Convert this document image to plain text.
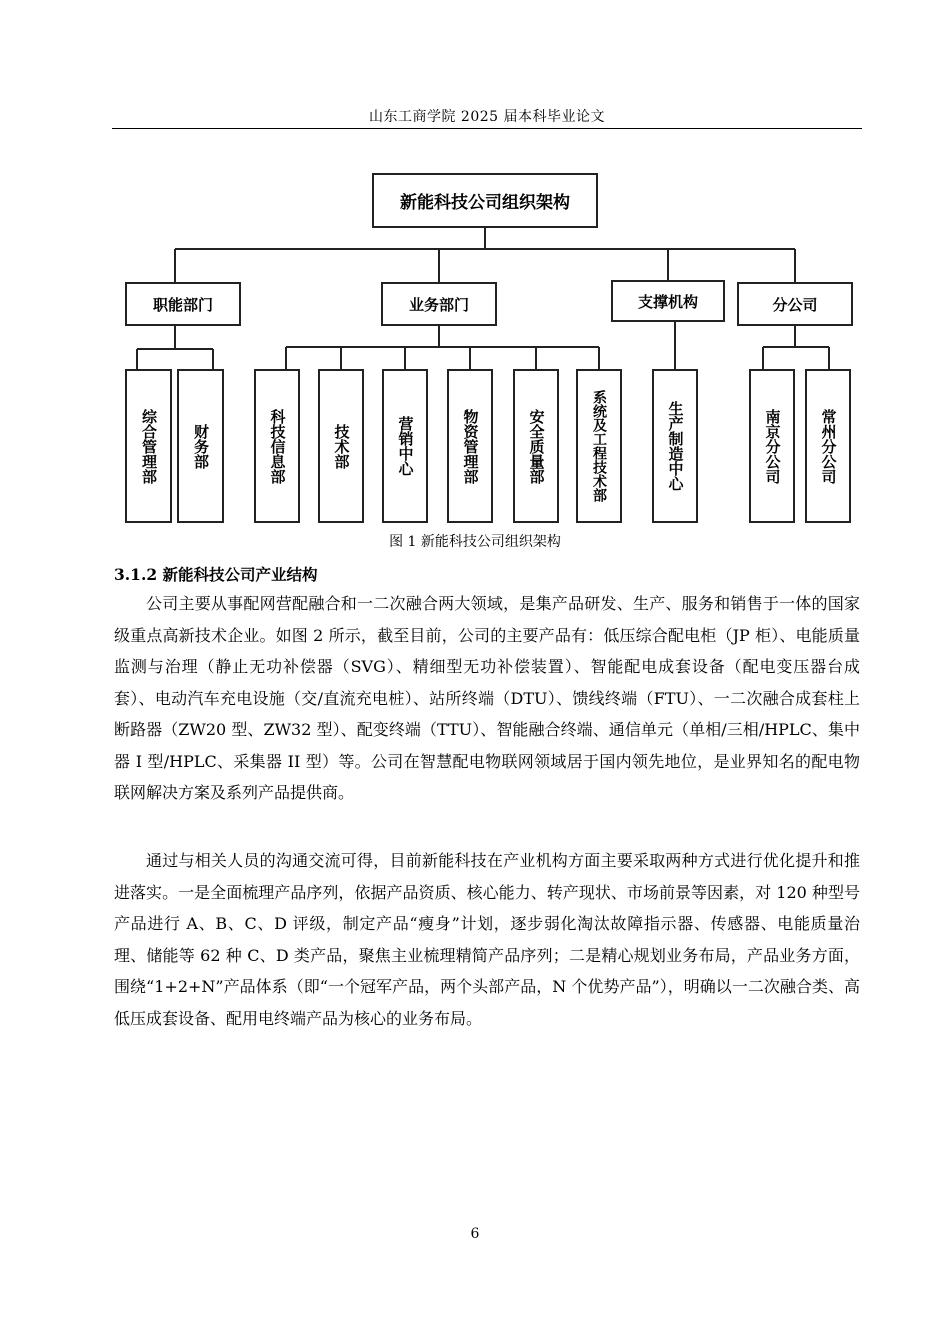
山东工商学院 2025 届本科毕业论文
新能科技公司组织架构
职能部门	业务部门	支撑机构	分公司
综合管理部	财务部	科技信息部	技术部	营销中心	物资管理部	安全质量部	系统及工程技术部	生产制造中心	南京分公司	常州分公司
图 1 新能科技公司组织架构
3.1.2 新能科技公司产业结构
公司主要从事配网营配融合和一二次融合两大领域，是集产品研发、生产、服务和销售于一体的国家级重点高新技术企业。如图 2 所示，截至目前，公司的主要产品有：低压综合配电柜（JP 柜）、电能质量监测与治理（静止无功补偿器（SVG）、精细型无功补偿装置）、智能配电成套设备（配电变压器台成套）、电动汽车充电设施（交/直流充电桩）、站所终端（DTU）、馈线终端（FTU）、一二次融合成套柱上断路器（ZW20 型、ZW32 型）、配变终端（TTU）、智能融合终端、通信单元（单相/三相/HPLC、集中器 I 型/HPLC、采集器 II 型）等。公司在智慧配电物联网领域居于国内领先地位，是业界知名的配电物联网解决方案及系列产品提供商。
通过与相关人员的沟通交流可得，目前新能科技在产业机构方面主要采取两种方式进行优化提升和推进落实。一是全面梳理产品序列，依据产品资质、核心能力、转产现状、市场前景等因素，对 120 种型号产品进行 A、B、C、D 评级，制定产品“瘦身”计划，逐步弱化淘汰故障指示器、传感器、电能质量治理、储能等 62 种 C、D 类产品，聚焦主业梳理精简产品序列；二是精心规划业务布局，产品业务方面，围绕“1+2+N”产品体系（即“一个冠军产品，两个头部产品，N 个优势产品”），明确以一二次融合类、高低压成套设备、配用电终端产品为核心的业务布局。
6
